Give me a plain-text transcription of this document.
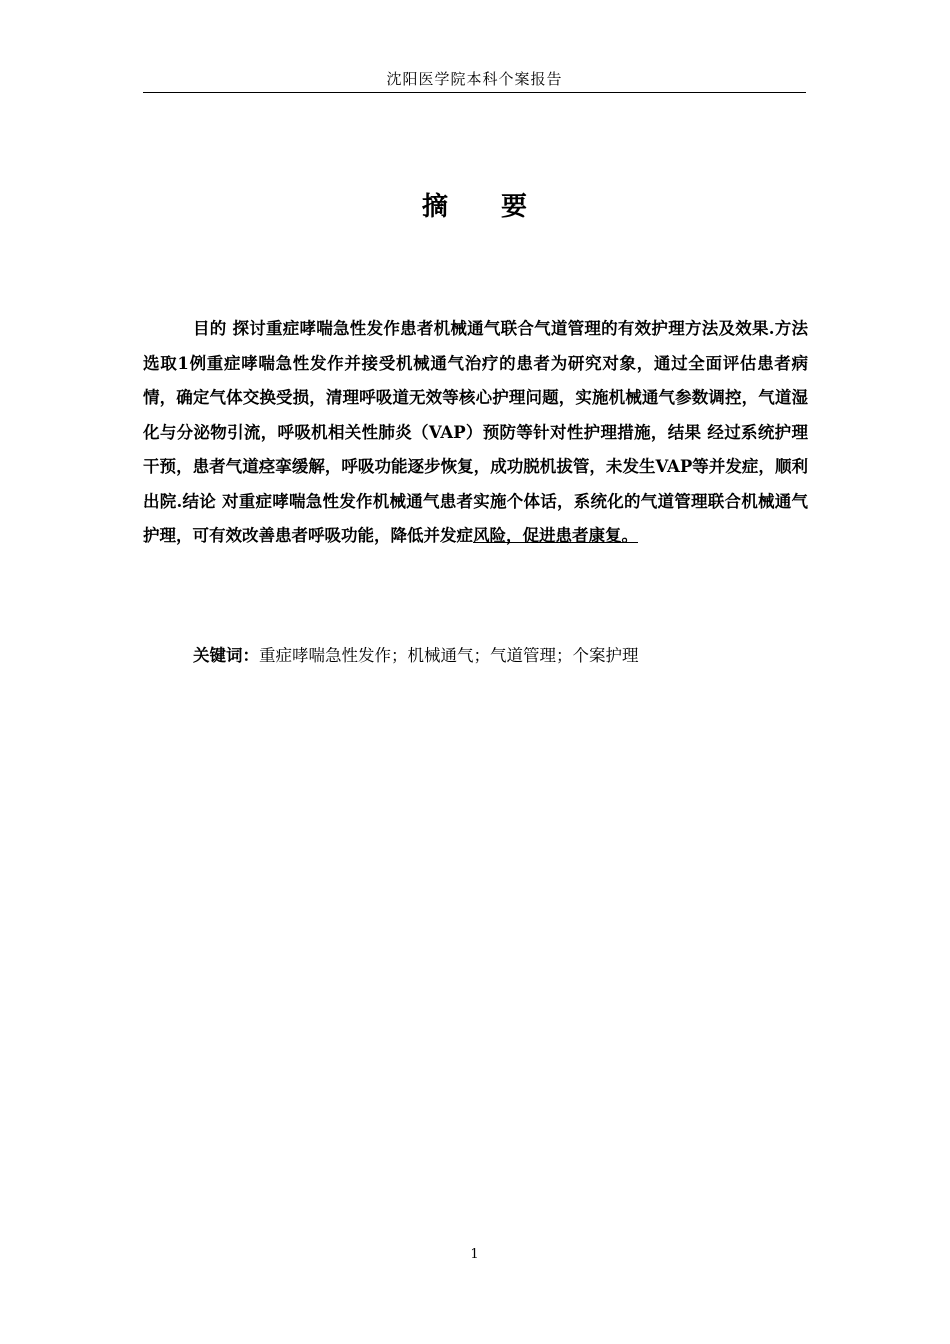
沈阳医学院本科个案报告
摘 要

目的 探讨重症哮喘急性发作患者机械通气联合气道管理的有效护理方法及效果.方法 选取1例重症哮喘急性发作并接受机械通气治疗的患者为研究对象，通过全面评估患者病情，确定气体交换受损，清理呼吸道无效等核心护理问题，实施机械通气参数调控，气道湿化与分泌物引流，呼吸机相关性肺炎（VAP）预防等针对性护理措施，结果 经过系统护理干预，患者气道痉挛缓解，呼吸功能逐步恢复，成功脱机拔管，未发生VAP等并发症，顺利出院.结论 对重症哮喘急性发作机械通气患者实施个体话，系统化的气道管理联合机械通气护理，可有效改善患者呼吸功能，降低并发症风险，促进患者康复。

关键词：重症哮喘急性发作；机械通气；气道管理；个案护理
1
